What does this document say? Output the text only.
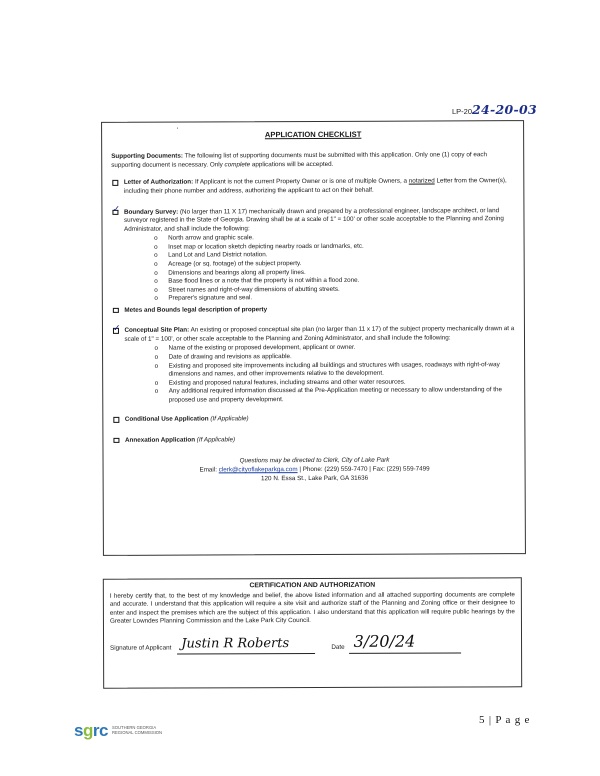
LP-2024-20-03
'	APPLICATION CHECKLIST
Supporting Documents: The following list of supporting documents must be submitted with this application. Only one (1) copy of each supporting document is necessary. Only complete applications will be accepted.
Letter of Authorization: If Applicant is not the current Property Owner or is one of multiple Owners, a notarized Letter from the Owner(s), including their phone number and address, authorizing the applicant to act on their behalf.
✓ Boundary Survey: (No larger than 11 X 17) mechanically drawn and prepared by a professional engineer, landscape architect, or land surveyor registered in the State of Georgia. Drawing shall be at a scale of 1" = 100' or other scale acceptable to the Planning and Zoning Administrator, and shall include the following:
o North arrow and graphic scale.
o Inset map or location sketch depicting nearby roads or landmarks, etc.
o Land Lot and Land District notation.
o Acreage (or sq. footage) of the subject property.
o Dimensions and bearings along all property lines.
o Base flood lines or a note that the property is not within a flood zone.
o Street names and right-of-way dimensions of abutting streets.
o Preparer's signature and seal.
Metes and Bounds legal description of property
✓ Conceptual Site Plan: An existing or proposed conceptual site plan (no larger than 11 x 17) of the subject property mechanically drawn at a scale of 1" = 100', or other scale acceptable to the Planning and Zoning Administrator, and shall include the following:
o Name of the existing or proposed development, applicant or owner.
o Date of drawing and revisions as applicable.
o Existing and proposed site improvements including all buildings and structures with usages, roadways with right-of-way dimensions and names, and other improvements relative to the development.
o Existing and proposed natural features, including streams and other water resources.
o Any additional required information discussed at the Pre-Application meeting or necessary to allow understanding of the proposed use and property development.
Conditional Use Application (If Applicable)
Annexation Application (If Applicable)
Questions may be directed to Clerk, City of Lake Park
Email: clerk@cityoflakeparkga.com | Phone: (229) 559-7470 | Fax: (229) 559-7499
120 N. Essa St., Lake Park, GA 31636
CERTIFICATION AND AUTHORIZATION
I hereby certify that, to the best of my knowledge and belief, the above listed information and all attached supporting documents are complete and accurate. I understand that this application will require a site visit and authorize staff of the Planning and Zoning office or their designee to enter and inspect the premises which are the subject of this application. I also understand that this application will require public hearings by the Greater Lowndes Planning Commission and the Lake Park City Council.
Signature of Applicant Justin R Roberts	Date 3/20/24
sgrc SOUTHERN GEORGIA
REGIONAL COMMISSION
5 | P a g e
